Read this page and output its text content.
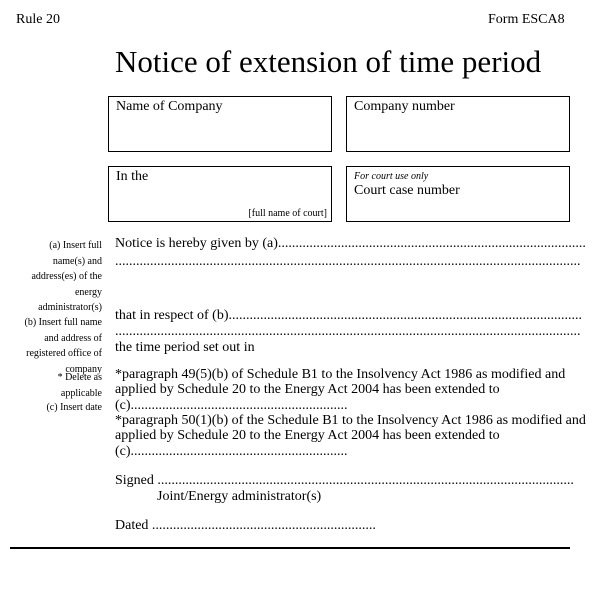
Rule 20	Form ESCA8
Notice of extension of time period
Name of Company	Company number
In the
[full name of court]
For court use only
Court case number
(a) Insert full
name(s) and
address(es) of the
energy
administrator(s)
(b) Insert full name
and address of
registered office of
company
* Delete as
applicable
(c) Insert date
Notice is hereby given by (a)........................................................................................
.....................................................................................................................................
that in respect of (b).....................................................................................................
.....................................................................................................................................
the time period set out in
*paragraph 49(5)(b) of Schedule B1 to the Insolvency Act 1986 as modified and
applied by Schedule 20 to the Energy Act 2004 has been extended to
(c)..............................................................
*paragraph 50(1)(b) of the Schedule B1 to the Insolvency Act 1986 as modified and
applied by Schedule 20 to the Energy Act 2004 has been extended to
(c)..............................................................
Signed .......................................................................................................................
Joint/Energy administrator(s)
Dated ................................................................
